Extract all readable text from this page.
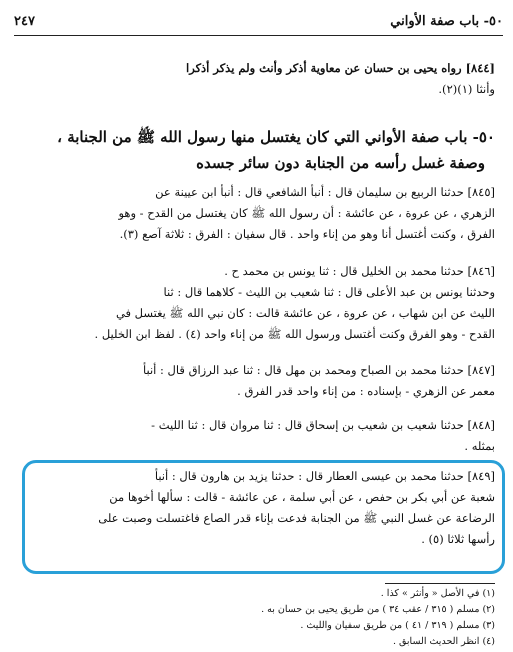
٥٠- باب صفة الأواني
٢٤٧
[٨٤٤] رواه يحيى بن حسان عن معاوية أذكر وأنث ولم يذكر أذكرا
وأنثا (١)(٢).
٥٠- باب صفة الأواني التي كان يغتسل منها رسول الله ﷺ من الجنابة ،
وصفة غسل رأسه من الجنابة دون سائر جسده
[٨٤٥] حدثنا الربيع بن سليمان قال : أنبأ الشافعي قال : أنبأ ابن عيينة عن
الزهري ، عن عروة ، عن عائشة : أن رسول الله ﷺ كان يغتسل من القدح - وهو
الفرق ، وكنت أغتسل أنا وهو من إناء واحد . قال سفيان : الفرق : ثلاثة آصع (٣).
[٨٤٦] حدثنا محمد بن الخليل قال : ثنا يونس بن محمد ح .
وحدثنا يونس بن عبد الأعلى قال : ثنا شعيب بن الليث - كلاهما قال : ثنا
الليث عن ابن شهاب ، عن عروة ، عن عائشة قالت : كان نبي الله ﷺ يغتسل في
القدح - وهو الفرق وكنت أغتسل ورسول الله ﷺ من إناء واحد (٤) . لفظ ابن الخليل .
[٨٤٧] حدثنا محمد بن الصباح ومحمد بن مهل قال : ثنا عبد الرزاق قال : أنبأ
معمر عن الزهري - بإسناده : من إناء واحد قدر الفرق .
[٨٤٨] حدثنا شعيب بن شعيب بن إسحاق قال : ثنا مروان قال : ثنا الليث -
بمثله .
[٨٤٩] حدثنا محمد بن عيسى العطار قال : حدثنا يزيد بن هارون قال : أنبأ
شعبة عن أبي بكر بن حفص ، عن أبي سلمة ، عن عائشة - قالت : سألها أخوها من
الرضاعة عن غسل النبي ﷺ من الجنابة فدعت بإناء قدر الصاع فاغتسلت وصبت على
رأسها ثلاثا (٥) .
(١) في الأصل « وأنثر » كذا .
(٢) مسلم ( ٣١٥ / عقب ٣٤ ) من طريق يحيى بن حسان به .
(٣) مسلم ( ٣١٩ / ٤١ ) من طريق سفيان والليث .
(٤) انظر الحديث السابق .
